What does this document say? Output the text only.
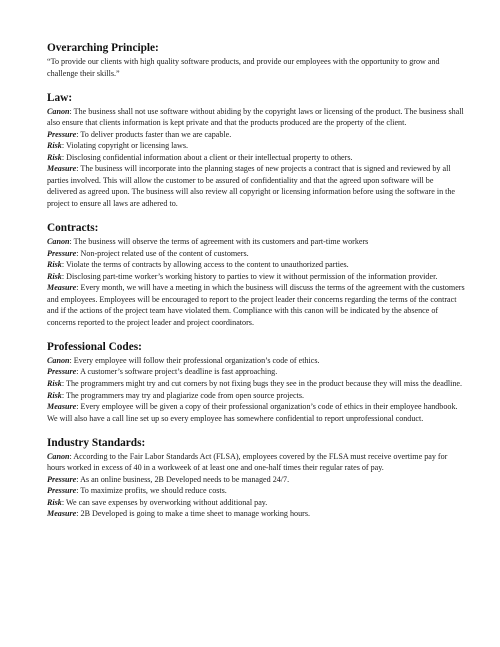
Overarching Principle:

“To provide our clients with high quality software products, and provide our employees with the opportunity to grow and challenge their skills.”

Law:

Canon: The business shall not use software without abiding by the copyright laws or licensing of the product. The business shall also ensure that clients information is kept private and that the products produced are the property of the client.

Pressure: To deliver products faster than we are capable.

Risk: Violating copyright or licensing laws.

Risk: Disclosing confidential information about a client or their intellectual property to others.

Measure: The business will incorporate into the planning stages of new projects a contract that is signed and reviewed by all parties involved. This will allow the customer to be assured of confidentiality and that the agreed upon software will be delivered as agreed upon. The business will also review all copyright or licensing information before using the software in the project to ensure all laws are adhered to.

Contracts:

Canon: The business will observe the terms of agreement with its customers and part-time workers

Pressure: Non-project related use of the content of customers.

Risk: Violate the terms of contracts by allowing access to the content to unauthorized parties.

Risk: Disclosing part-time worker’s working history to parties to view it without permission of the information provider.

Measure: Every month, we will have a meeting in which the business will discuss the terms of the agreement with the customers and employees. Employees will be encouraged to report to the project leader their concerns regarding the terms of the contract and if the actions of the project team have violated them. Compliance with this canon will be indicated by the absence of concerns reported to the project leader and project coordinators.

Professional Codes:

Canon: Every employee will follow their professional organization’s code of ethics.

Pressure: A customer’s software project’s deadline is fast approaching.

Risk: The programmers might try and cut corners by not fixing bugs they see in the product because they will miss the deadline.

Risk: The programmers may try and plagiarize code from open source projects.

Measure: Every employee will be given a copy of their professional organization’s code of ethics in their employee handbook. We will also have a call line set up so every employee has somewhere confidential to report unprofessional conduct.

Industry Standards:

Canon: According to the Fair Labor Standards Act (FLSA), employees covered by the FLSA must receive overtime pay for hours worked in excess of 40 in a workweek of at least one and one-half times their regular rates of pay.

Pressure: As an online business, 2B Developed needs to be managed 24/7.

Pressure: To maximize profits, we should reduce costs.

Risk: We can save expenses by overworking without additional pay.

Measure: 2B Developed is going to make a time sheet to manage working hours.
